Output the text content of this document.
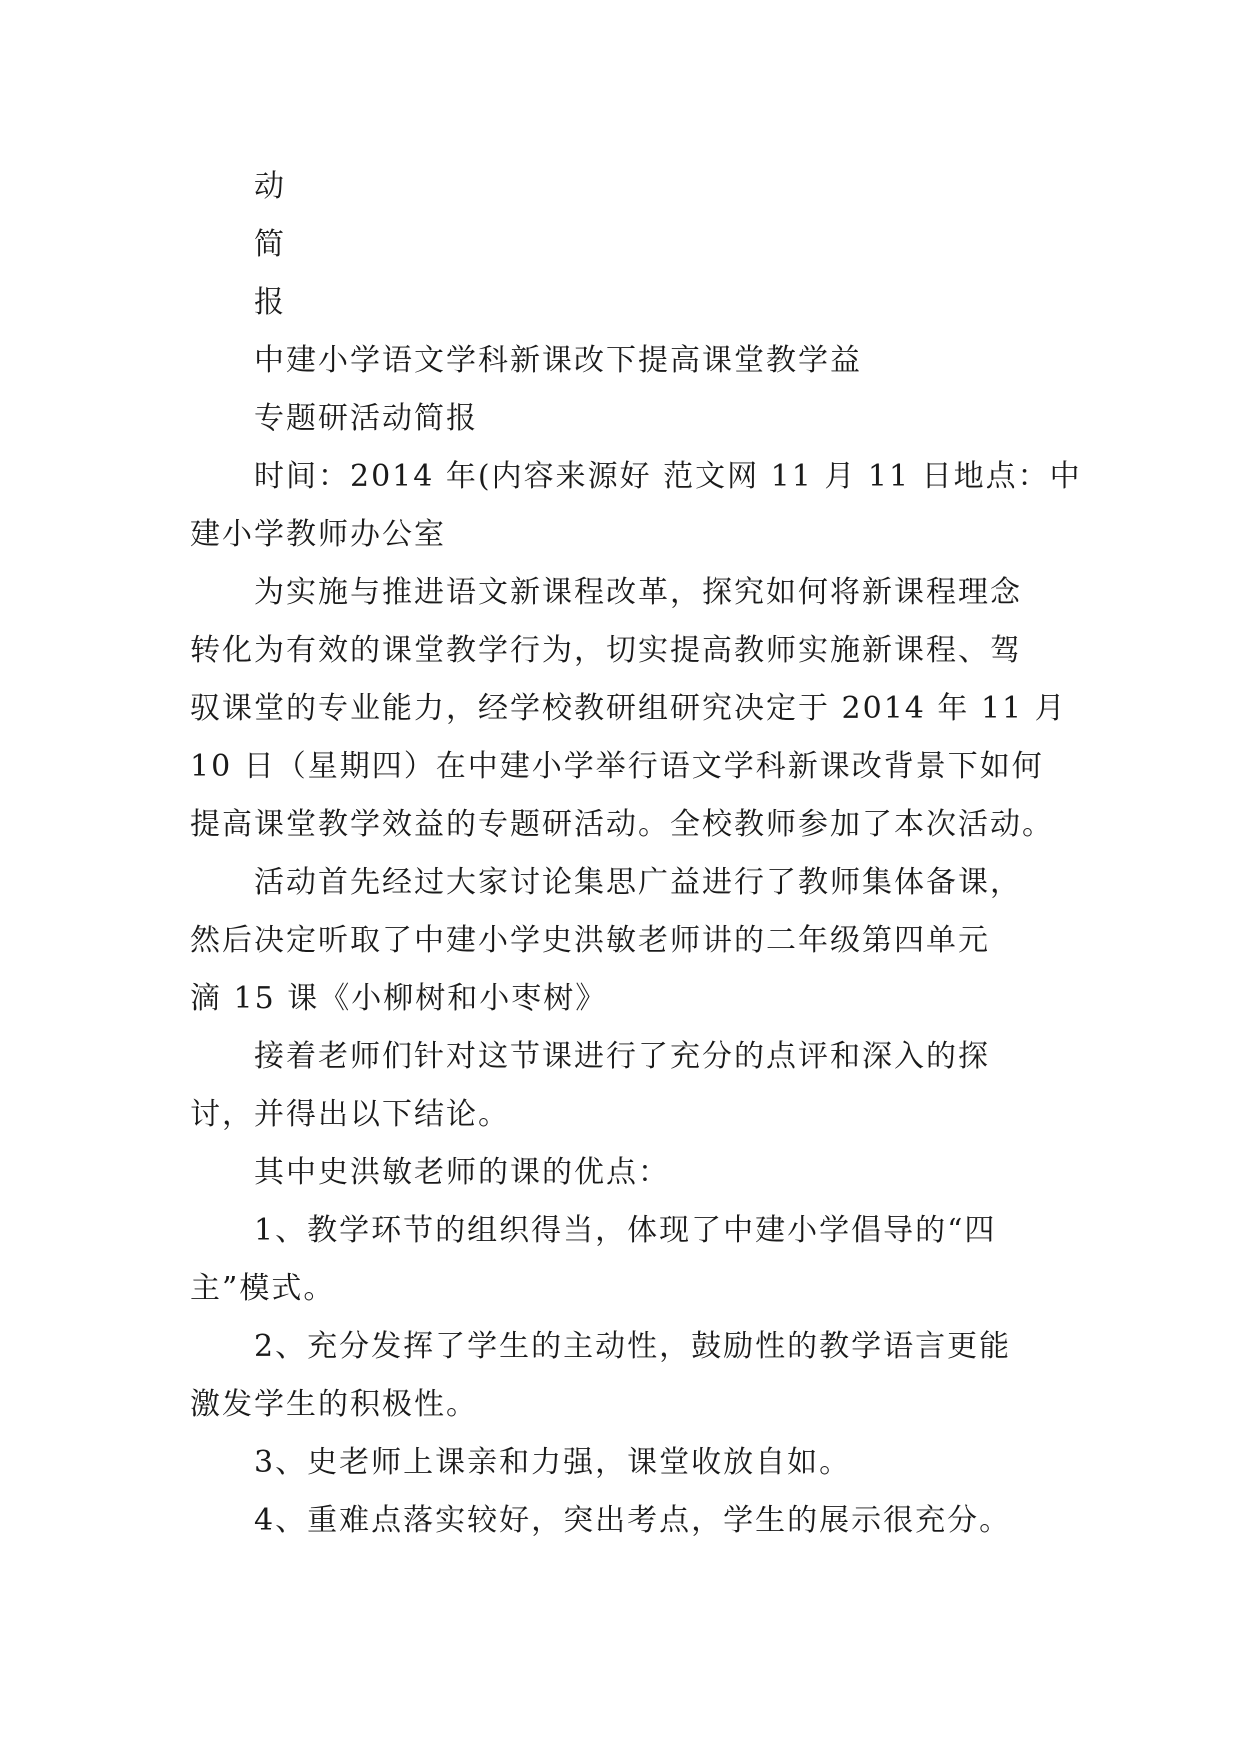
动

简

报

中建小学语文学科新课改下提高课堂教学益

专题研活动简报

时间：2014 年(内容来源好 范文网 11 月 11 日地点：中

建小学教师办公室

为实施与推进语文新课程改革，探究如何将新课程理念

转化为有效的课堂教学行为，切实提高教师实施新课程、驾

驭课堂的专业能力，经学校教研组研究决定于 2014 年 11 月

10 日（星期四）在中建小学举行语文学科新课改背景下如何

提高课堂教学效益的专题研活动。全校教师参加了本次活动。

活动首先经过大家讨论集思广益进行了教师集体备课，

然后决定听取了中建小学史洪敏老师讲的二年级第四单元

滴 15 课《小柳树和小枣树》

接着老师们针对这节课进行了充分的点评和深入的探

讨，并得出以下结论。

其中史洪敏老师的课的优点：

1、教学环节的组织得当，体现了中建小学倡导的“四

主”模式。

2、充分发挥了学生的主动性，鼓励性的教学语言更能

激发学生的积极性。

3、史老师上课亲和力强，课堂收放自如。

4、重难点落实较好，突出考点，学生的展示很充分。
